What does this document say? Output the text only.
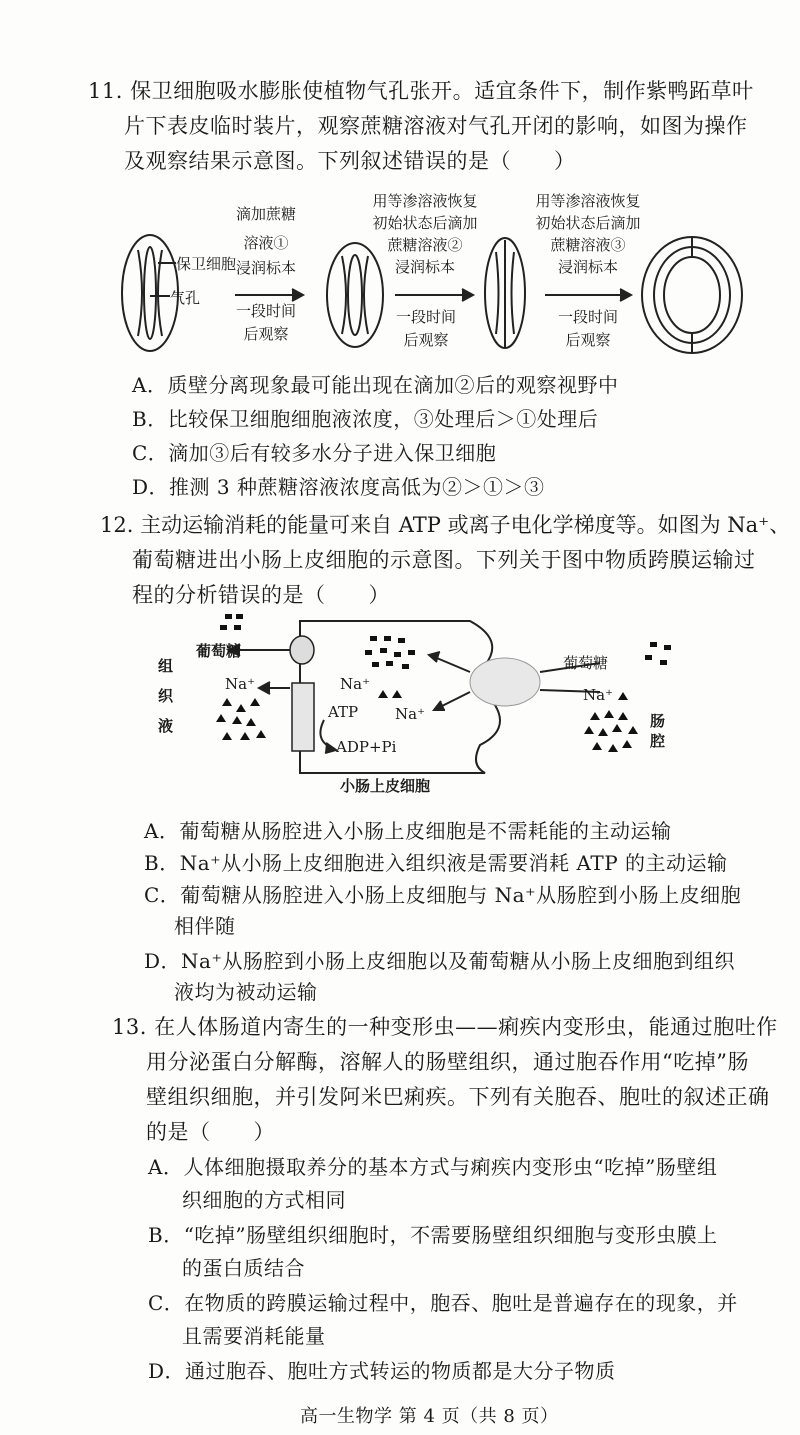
11. 保卫细胞吸水膨胀使植物气孔张开。适宜条件下，制作紫鸭跖草叶
片下表皮临时装片，观察蔗糖溶液对气孔开闭的影响，如图为操作
及观察结果示意图。下列叙述错误的是（　　）
保卫细胞
气孔
滴加蔗糖
溶液①
浸润标本
一段时间
后观察
用等渗溶液恢复
初始状态后滴加
蔗糖溶液②
浸润标本
一段时间
后观察
用等渗溶液恢复
初始状态后滴加
蔗糖溶液③
浸润标本
一段时间
后观察
A．质壁分离现象最可能出现在滴加②后的观察视野中
B．比较保卫细胞细胞液浓度，③处理后＞①处理后
C．滴加③后有较多水分子进入保卫细胞
D．推测 3 种蔗糖溶液浓度高低为②＞①＞③
12. 主动运输消耗的能量可来自 ATP 或离子电化学梯度等。如图为 Na⁺、
葡萄糖进出小肠上皮细胞的示意图。下列关于图中物质跨膜运输过
程的分析错误的是（　　）
葡萄糖
组
织
液
Na⁺	Na⁺
ATP Na⁺
ADP+Pi
葡萄糖
Na⁺
肠
腔
小肠上皮细胞
A．葡萄糖从肠腔进入小肠上皮细胞是不需耗能的主动运输
B．Na⁺从小肠上皮细胞进入组织液是需要消耗 ATP 的主动运输
C．葡萄糖从肠腔进入小肠上皮细胞与 Na⁺从肠腔到小肠上皮细胞
相伴随
D．Na⁺从肠腔到小肠上皮细胞以及葡萄糖从小肠上皮细胞到组织
液均为被动运输
13. 在人体肠道内寄生的一种变形虫——痢疾内变形虫，能通过胞吐作
用分泌蛋白分解酶，溶解人的肠壁组织，通过胞吞作用“吃掉”肠
壁组织细胞，并引发阿米巴痢疾。下列有关胞吞、胞吐的叙述正确
的是（　　）
A．人体细胞摄取养分的基本方式与痢疾内变形虫“吃掉”肠壁组
织细胞的方式相同
B．“吃掉”肠壁组织细胞时，不需要肠壁组织细胞与变形虫膜上
的蛋白质结合
C．在物质的跨膜运输过程中，胞吞、胞吐是普遍存在的现象，并
且需要消耗能量
D．通过胞吞、胞吐方式转运的物质都是大分子物质
高一生物学 第 4 页（共 8 页）
